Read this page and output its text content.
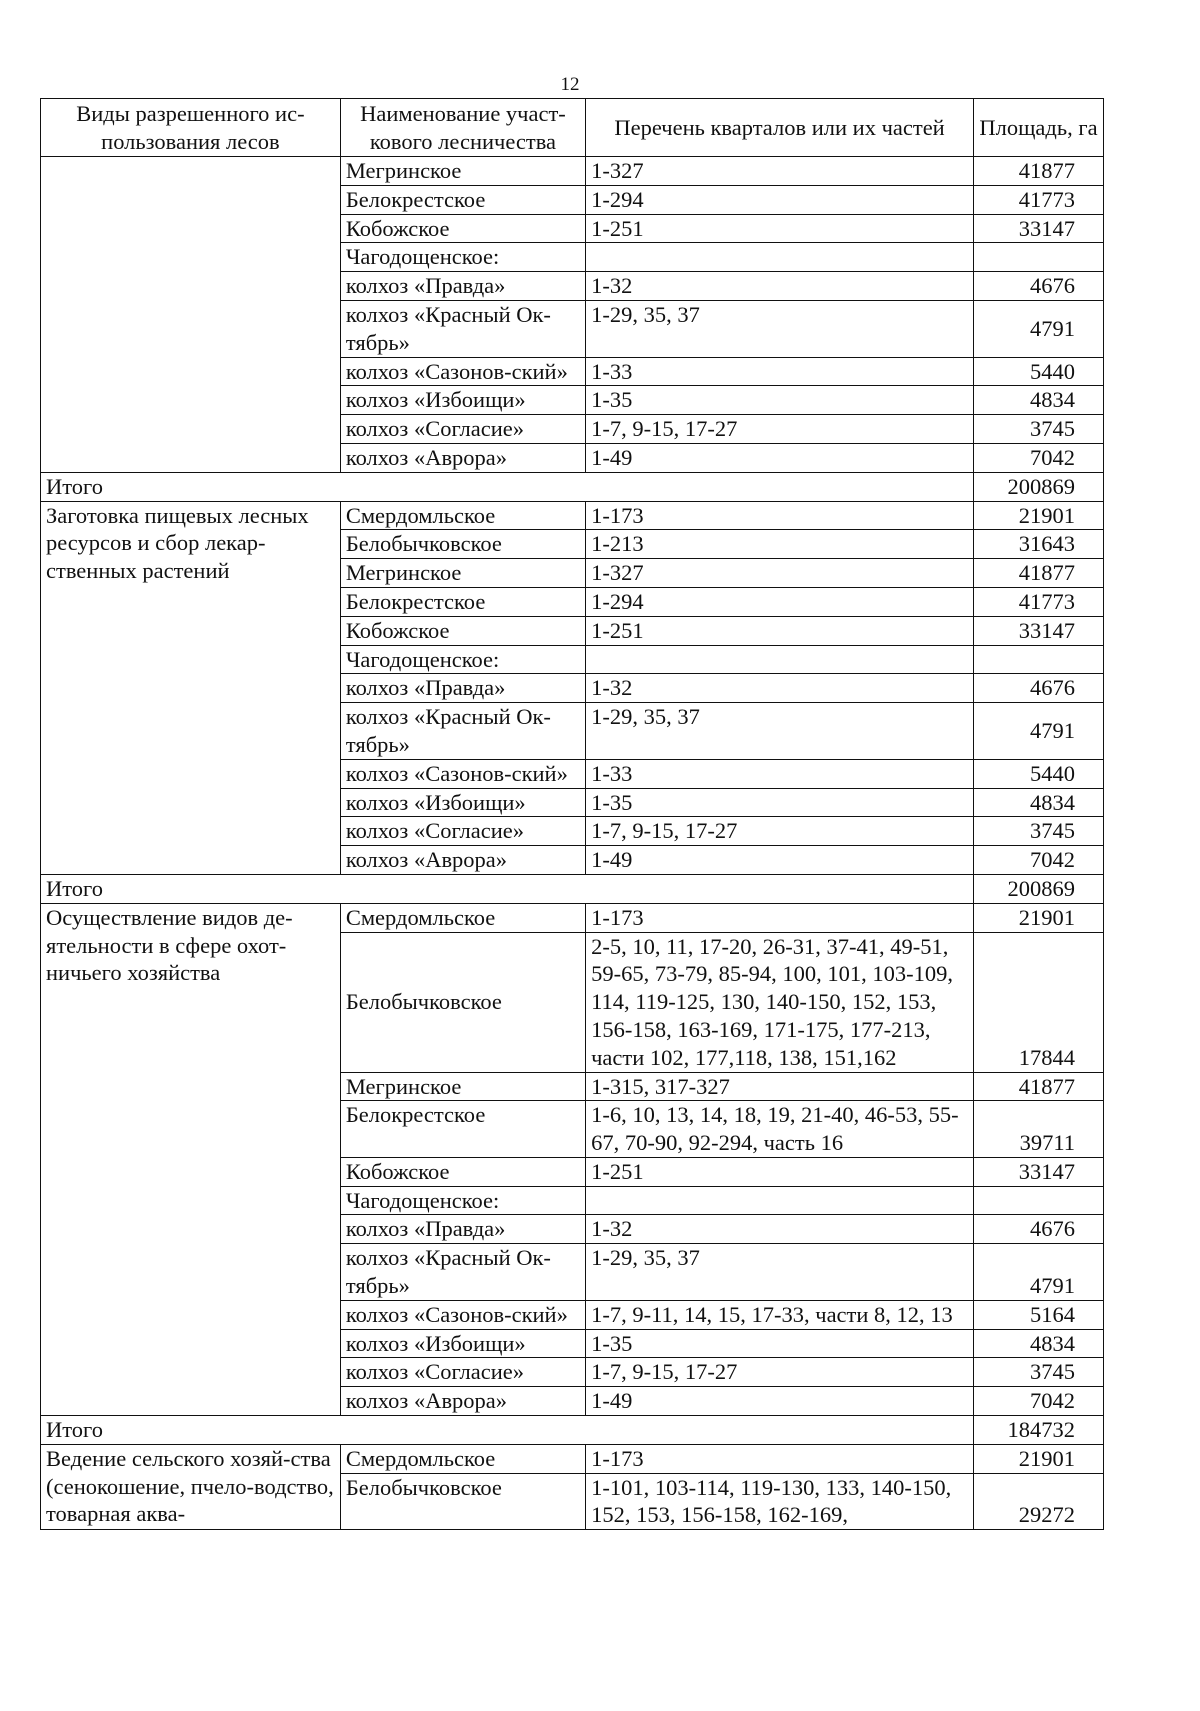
12
Виды разрешенного ис-пользования лесов	Наименование участ-кового лесничества	Перечень кварталов или их частей	Площадь, га
	Мегринское	1-327	41877
	Белокрестское	1-294	41773
	Кобожское	1-251	33147
	Чагодощенское:		
	колхоз «Правда»	1-32	4676
	колхоз «Красный Ок-тябрь»	1-29, 35, 37	4791
	колхоз «Сазонов-ский»	1-33	5440
	колхоз «Избоищи»	1-35	4834
	колхоз «Согласие»	1-7, 9-15, 17-27	3745
	колхоз «Аврора»	1-49	7042
Итого			200869
Заготовка пищевых лесных ресурсов и сбор лекар-ственных растений	Смердомльское	1-173	21901
	Белобычковское	1-213	31643
	Мегринское	1-327	41877
	Белокрестское	1-294	41773
	Кобожское	1-251	33147
	Чагодощенское:		
	колхоз «Правда»	1-32	4676
	колхоз «Красный Ок-тябрь»	1-29, 35, 37	4791
	колхоз «Сазонов-ский»	1-33	5440
	колхоз «Избоищи»	1-35	4834
	колхоз «Согласие»	1-7, 9-15, 17-27	3745
	колхоз «Аврора»	1-49	7042
Итого			200869
Осуществление видов де-ятельности в сфере охот-ничьего хозяйства	Смердомльское	1-173	21901
	Белобычковское	2-5, 10, 11, 17-20, 26-31, 37-41, 49-51, 59-65, 73-79, 85-94, 100, 101, 103-109, 114, 119-125, 130, 140-150, 152, 153, 156-158, 163-169, 171-175, 177-213, части 102, 177,118, 138, 151,162	17844
	Мегринское	1-315, 317-327	41877
	Белокрестское	1-6, 10, 13, 14, 18, 19, 21-40, 46-53, 55-67, 70-90, 92-294, часть 16	39711
	Кобожское	1-251	33147
	Чагодощенское:		
	колхоз «Правда»	1-32	4676
	колхоз «Красный Ок-тябрь»	1-29, 35, 37	4791
	колхоз «Сазонов-ский»	1-7, 9-11, 14, 15, 17-33, части 8, 12, 13	5164
	колхоз «Избоищи»	1-35	4834
	колхоз «Согласие»	1-7, 9-15, 17-27	3745
	колхоз «Аврора»	1-49	7042
Итого			184732
Ведение сельского хозяй-ства (сенокошение, пчело-водство, товарная аква-	Смердомльское	1-173	21901
	Белобычковское	1-101, 103-114, 119-130, 133, 140-150, 152, 153, 156-158, 162-169,	29272
